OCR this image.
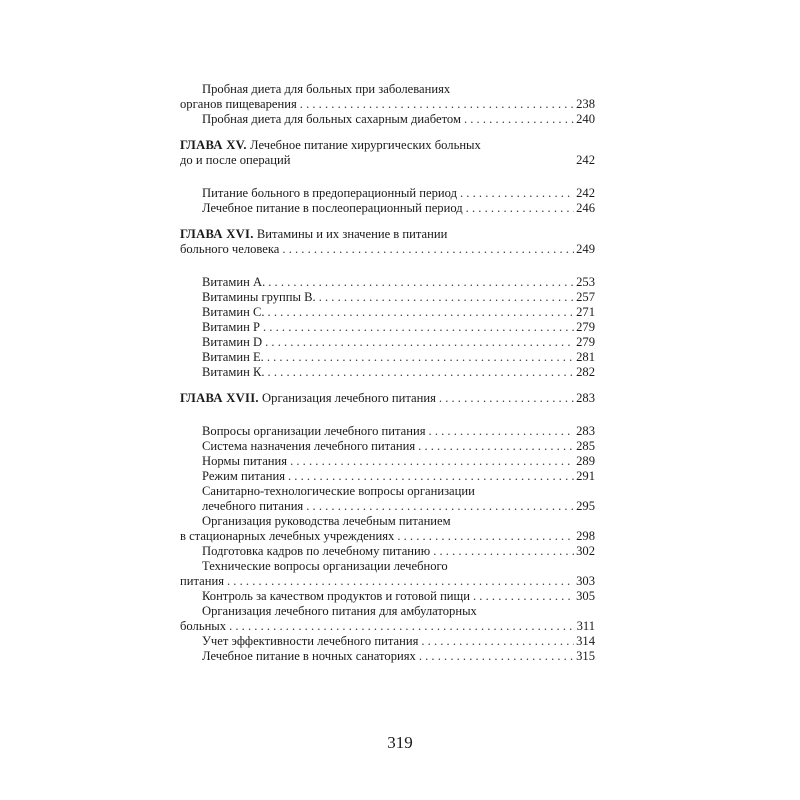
Пробная диета для больных при заболеваниях
органов пищеварения . . .	238
Пробная диета для больных сахарным диабетом . . .	240
ГЛАВА XV. Лечебное питание хирургических больных
до и после операций	242
Питание больного в предоперационный период . . .	242
Лечебное питание в послеоперационный период . . .	246
ГЛАВА XVI. Витамины и их значение в питании
больного человека . . .	249
Витамин А. . . .	253
Витамины группы В. . . .	257
Витамин С. . . .	271
Витамин Р . . .	279
Витамин D . . .	279
Витамин Е. . . .	281
Витамин К. . . .	282
ГЛАВА XVII. Организация лечебного питания . . .	283
Вопросы организации лечебного питания . . .	283
Система назначения лечебного питания . . .	285
Нормы питания . . .	289
Режим питания . . .	291
Санитарно-технологические вопросы организации
лечебного питания . . .	295
Организация руководства лечебным питанием
в стационарных лечебных учреждениях . . .	298
Подготовка кадров по лечебному питанию . . .	302
Технические вопросы организации лечебного
питания . . .	303
Контроль за качеством продуктов и готовой пищи . . .	305
Организация лечебного питания для амбулаторных
больных . . .	311
Учет эффективности лечебного питания . . .	314
Лечебное питание в ночных санаториях . . .	315
319
